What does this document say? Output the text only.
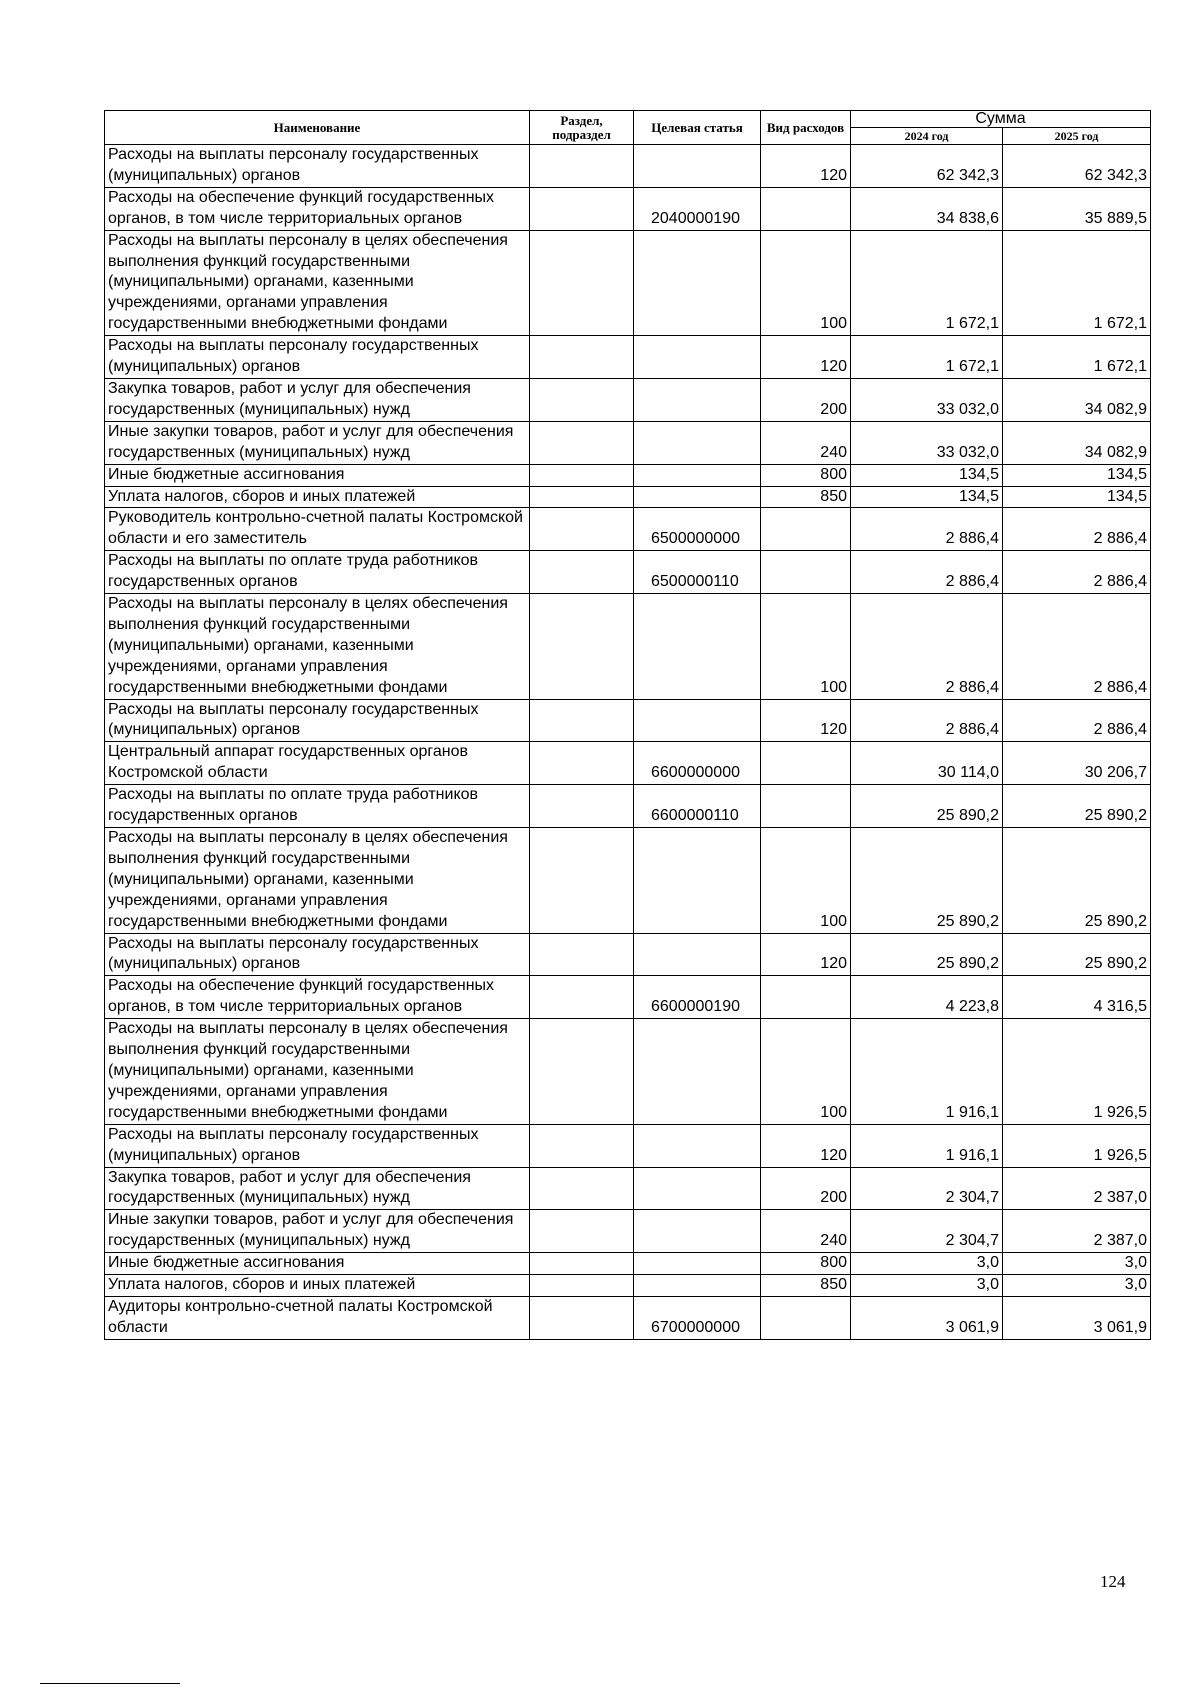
Наименование	Раздел, подраздел	Целевая статья	Вид расходов	Сумма	
				2024 год	2025 год
Расходы на выплаты персоналу государственных (муниципальных) органов			120	62 342,3	62 342,3
Расходы на обеспечение функций государственных органов, в том числе территориальных органов		2040000190		34 838,6	35 889,5
Расходы на выплаты персоналу в целях обеспечения выполнения функций государственными (муниципальными) органами, казенными учреждениями, органами управления государственными внебюджетными фондами			100	1 672,1	1 672,1
Расходы на выплаты персоналу государственных (муниципальных) органов			120	1 672,1	1 672,1
Закупка товаров, работ и услуг для обеспечения государственных (муниципальных) нужд			200	33 032,0	34 082,9
Иные закупки товаров, работ и услуг для обеспечения государственных (муниципальных) нужд			240	33 032,0	34 082,9
Иные бюджетные ассигнования			800	134,5	134,5
Уплата налогов, сборов и иных платежей			850	134,5	134,5
Руководитель контрольно-счетной палаты Костромской области и его заместитель		6500000000		2 886,4	2 886,4
Расходы на выплаты по оплате труда работников государственных органов		6500000110		2 886,4	2 886,4
Расходы на выплаты персоналу в целях обеспечения выполнения функций государственными (муниципальными) органами, казенными учреждениями, органами управления государственными внебюджетными фондами			100	2 886,4	2 886,4
Расходы на выплаты персоналу государственных (муниципальных) органов			120	2 886,4	2 886,4
Центральный аппарат государственных органов Костромской области		6600000000		30 114,0	30 206,7
Расходы на выплаты по оплате труда работников государственных органов		6600000110		25 890,2	25 890,2
Расходы на выплаты персоналу в целях обеспечения выполнения функций государственными (муниципальными) органами, казенными учреждениями, органами управления государственными внебюджетными фондами			100	25 890,2	25 890,2
Расходы на выплаты персоналу государственных (муниципальных) органов			120	25 890,2	25 890,2
Расходы на обеспечение функций государственных органов, в том числе территориальных органов		6600000190		4 223,8	4 316,5
Расходы на выплаты персоналу в целях обеспечения выполнения функций государственными (муниципальными) органами, казенными учреждениями, органами управления государственными внебюджетными фондами			100	1 916,1	1 926,5
Расходы на выплаты персоналу государственных (муниципальных) органов			120	1 916,1	1 926,5
Закупка товаров, работ и услуг для обеспечения государственных (муниципальных) нужд			200	2 304,7	2 387,0
Иные закупки товаров, работ и услуг для обеспечения государственных (муниципальных) нужд			240	2 304,7	2 387,0
Иные бюджетные ассигнования			800	3,0	3,0
Уплата налогов, сборов и иных платежей			850	3,0	3,0
Аудиторы контрольно-счетной палаты Костромской области		6700000000		3 061,9	3 061,9
124
